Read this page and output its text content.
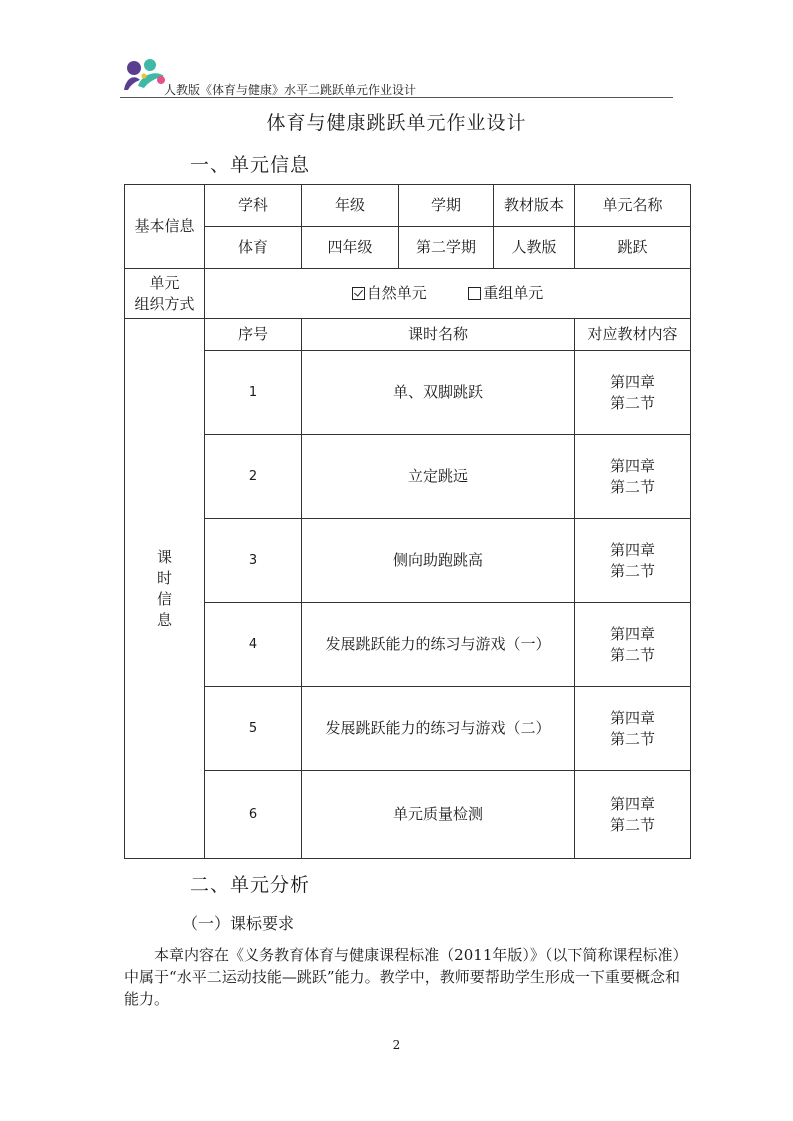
人教版《体育与健康》水平二跳跃单元作业设计
体育与健康跳跃单元作业设计
一、单元信息
基本信息	学科	年级	学期	教材版本	单元名称
	体育	四年级	第二学期	人教版	跳跃

单元
组织方式	自然单元 重组单元				

课
时
信
息	序号	课时名称			对应教材内容
	1	单、双脚跳跃			第四章
第二节

	2	立定跳远			第四章
第二节

	3	侧向助跑跳高			第四章
第二节

	4	发展跳跃能力的练习与游戏（一）			第四章
第二节

	5	发展跳跃能力的练习与游戏（二）			第四章
第二节

	6	单元质量检测			第四章
第二节
二、单元分析
（一）课标要求

本章内容在《义务教育体育与健康课程标准（2011年版）》（以下简称课程标准）中属于“水平二运动技能—跳跃”能力。教学中，教师要帮助学生形成一下重要概念和能力。

2
